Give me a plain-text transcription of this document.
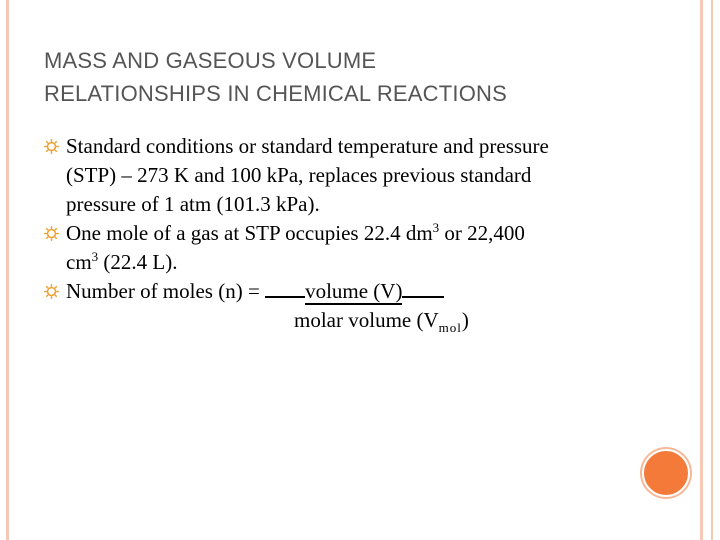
MASS AND GASEOUS VOLUME
RELATIONSHIPS IN CHEMICAL REACTIONS
Standard conditions or standard temperature and pressure
(STP) – 273 K and 100 kPa, replaces previous standard
pressure of 1 atm (101.3 kPa).
One mole of a gas at STP occupies 22.4 $dm^3$ or 22,400
$cm^3$ (22.4 L).
Number of moles (n) = volume (V)
molar volume $(V_{mol})$
